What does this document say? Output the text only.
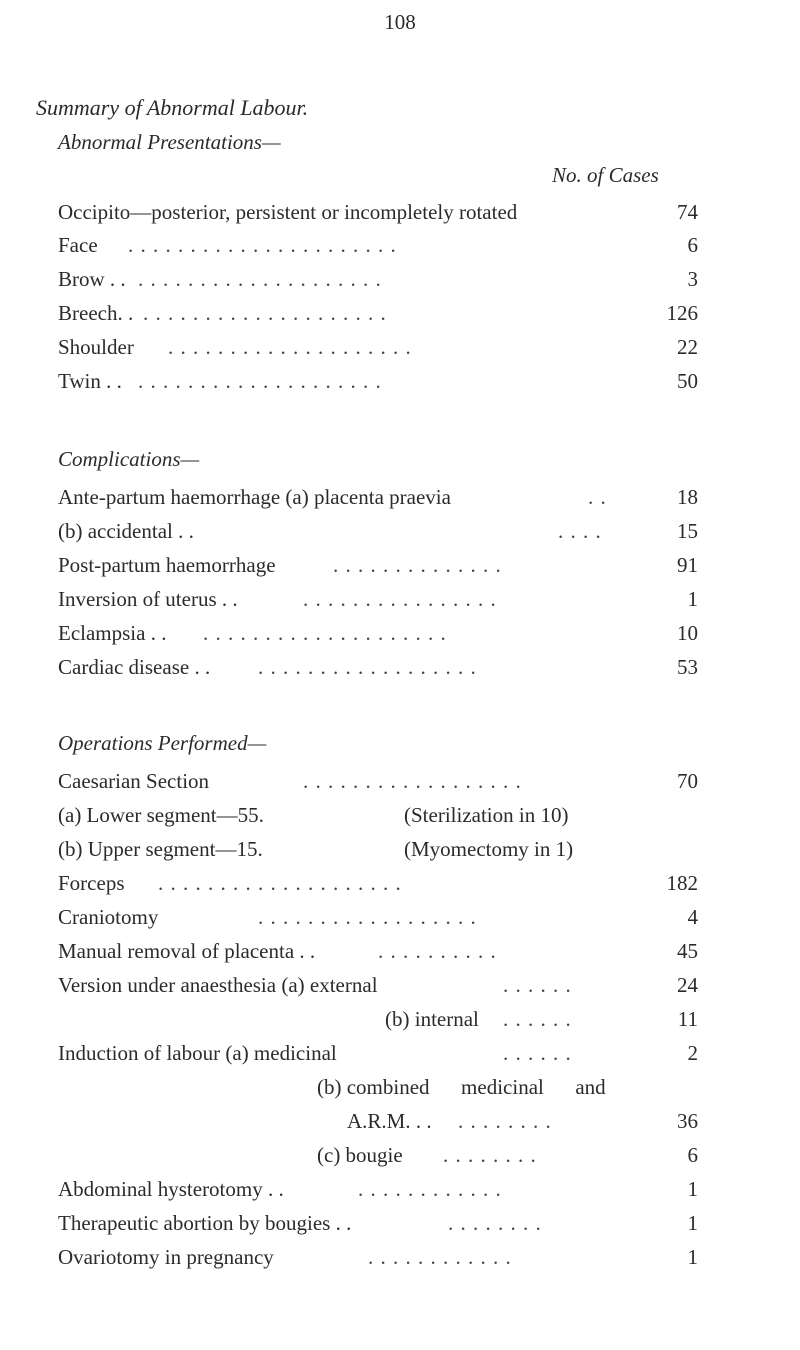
108
Summary of Abnormal Labour.
Abnormal Presentations—
No. of Cases
Occipito—posterior, persistent or incompletely rotated	74
Face . . . . . . . . . . . . . . . . . . . . . .	6
Brow . . . . . . . . . . . . . . . . . . . . . .	3
Breech. . . . . . . . . . . . . . . . . . . . . .	126
Shoulder . . . . . . . . . . . . . . . . . . . .	22
Twin . . . . . . . . . . . . . . . . . . . . . .	50
Complications—
Ante-partum haemorrhage (a) placenta praevia	. .	18
(b) accidental . .	. . . .	15
Post-partum haemorrhage	. . . . . . . . . . . . . .	91
Inversion of uterus . .	. . . . . . . . . . . . . . . .	1
Eclampsia . . . . . . . . . . . . . . . . . . . . . .	10
Cardiac disease . . . . . . . . . . . . . . . . . . . .	53
Operations Performed—
Caesarian Section	. . . . . . . . . . . . . . . . . .	70
(a) Lower segment—55.	(Sterilization in 10)
(b) Upper segment—15.	(Myomectomy in 1)
Forceps . . . . . . . . . . . . . . . . . . . .	182
Craniotomy	. . . . . . . . . . . . . . . . . .	4
Manual removal of placenta . .	. . . . . . . . . .	45
Version under anaesthesia (a) external	. . . . . .	24
(b) internal . . . . . .	11
Induction of labour (a) medicinal	. . . . . .	2
(b) combined      medicinal      and
A.R.M. . . . . . . . . . .	36
(c) bougie . . . . . . . .	6
Abdominal hysterotomy . .	. . . . . . . . . . . .	1
Therapeutic abortion by bougies . .	. . . . . . . .	1
Ovariotomy in pregnancy	. . . . . . . . . . . .	1
